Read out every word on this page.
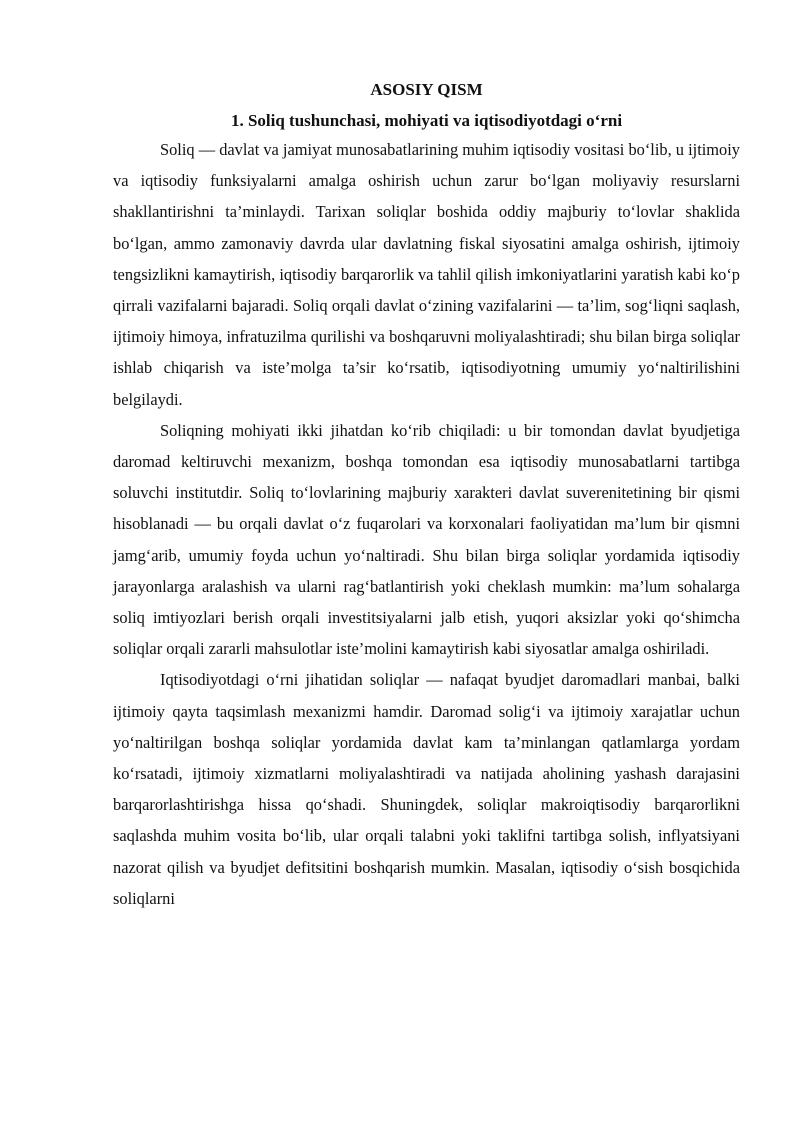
ASOSIY QISM

1. Soliq tushunchasi, mohiyati va iqtisodiyotdagi o‘rni

Soliq — davlat va jamiyat munosabatlarining muhim iqtisodiy vositasi bo‘lib, u ijtimoiy va iqtisodiy funksiyalarni amalga oshirish uchun zarur bo‘lgan moliyaviy resurslarni shakllantirishni ta’minlaydi. Tarixan soliqlar boshida oddiy majburiy to‘lovlar shaklida bo‘lgan, ammo zamonaviy davrda ular davlatning fiskal siyosatini amalga oshirish, ijtimoiy tengsizlikni kamaytirish, iqtisodiy barqarorlik va tahlil qilish imkoniyatlarini yaratish kabi ko‘p qirrali vazifalarni bajaradi. Soliq orqali davlat o‘zining vazifalarini — ta’lim, sog‘liqni saqlash, ijtimoiy himoya, infratuzilma qurilishi va boshqaruvni moliyalashtiradi; shu bilan birga soliqlar ishlab chiqarish va iste’molga ta’sir ko‘rsatib, iqtisodiyotning umumiy yo‘naltirilishini belgilaydi.

Soliqning mohiyati ikki jihatdan ko‘rib chiqiladi: u bir tomondan davlat byudjetiga daromad keltiruvchi mexanizm, boshqa tomondan esa iqtisodiy munosabatlarni tartibga soluvchi institutdir. Soliq to‘lovlarining majburiy xarakteri davlat suverenitetining bir qismi hisoblanadi — bu orqali davlat o‘z fuqarolari va korxonalari faoliyatidan ma’lum bir qismni jamg‘arib, umumiy foyda uchun yo‘naltiradi. Shu bilan birga soliqlar yordamida iqtisodiy jarayonlarga aralashish va ularni rag‘batlantirish yoki cheklash mumkin: ma’lum sohalarga soliq imtiyozlari berish orqali investitsiyalarni jalb etish, yuqori aksizlar yoki qo‘shimcha soliqlar orqali zararli mahsulotlar iste’molini kamaytirish kabi siyosatlar amalga oshiriladi.

Iqtisodiyotdagi o‘rni jihatidan soliqlar — nafaqat byudjet daromadlari manbai, balki ijtimoiy qayta taqsimlash mexanizmi hamdir. Daromad solig‘i va ijtimoiy xarajatlar uchun yo‘naltirilgan boshqa soliqlar yordamida davlat kam ta’minlangan qatlamlarga yordam ko‘rsatadi, ijtimoiy xizmatlarni moliyalashtiradi va natijada aholining yashash darajasini barqarorlashtirishga hissa qo‘shadi. Shuningdek, soliqlar makroiqtisodiy barqarorlikni saqlashda muhim vosita bo‘lib, ular orqali talabni yoki taklifni tartibga solish, inflyatsiyani nazorat qilish va byudjet defitsitini boshqarish mumkin. Masalan, iqtisodiy o‘sish bosqichida soliqlarni
